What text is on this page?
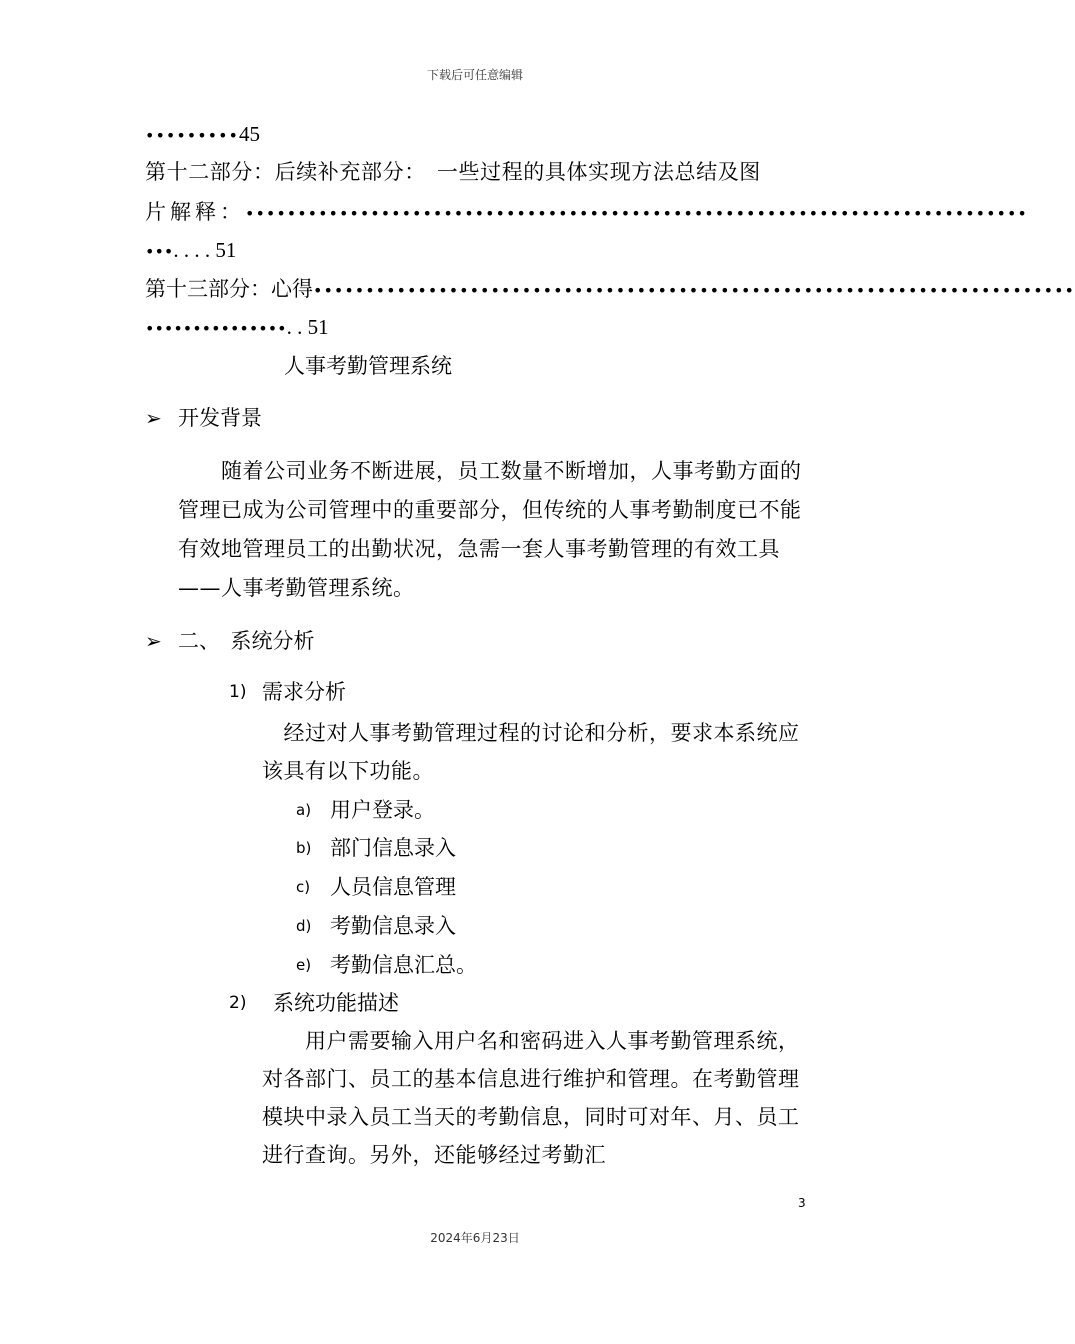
下载后可任意编辑
•••••••••45
第十二部分：后续补充部分：　一些过程的具体实现方法总结及图
片解释： •••••••••••••••••••••••••••••••••••••••••••••••••••••••••••••••••••••••••••
•••. . . . 51
第十三部分：心得 •••••••••••••••••••••••••••••••••••••••••••••••••••••••••••••••••••••••••
•••••••••••••••. . 51
人事考勤管理系统
➢ 开发背景
　　随着公司业务不断进展，员工数量不断增加，人事考勤方面的管理已成为公司管理中的重要部分，但传统的人事考勤制度已不能有效地管理员工的出勤状况，急需一套人事考勤管理的有效工具——人事考勤管理系统。
➢ 二、　系统分析
1) 需求分析
　经过对人事考勤管理过程的讨论和分析，要求本系统应该具有以下功能。
a) 用户登录。
b) 部门信息录入
c) 人员信息管理
d) 考勤信息录入
e) 考勤信息汇总。
2) 系统功能描述
　　用户需要输入用户名和密码进入人事考勤管理系统，对各部门、员工的基本信息进行维护和管理。在考勤管理模块中录入员工当天的考勤信息，同时可对年、月、员工进行查询。另外，还能够经过考勤汇
3
2024年6月23日
